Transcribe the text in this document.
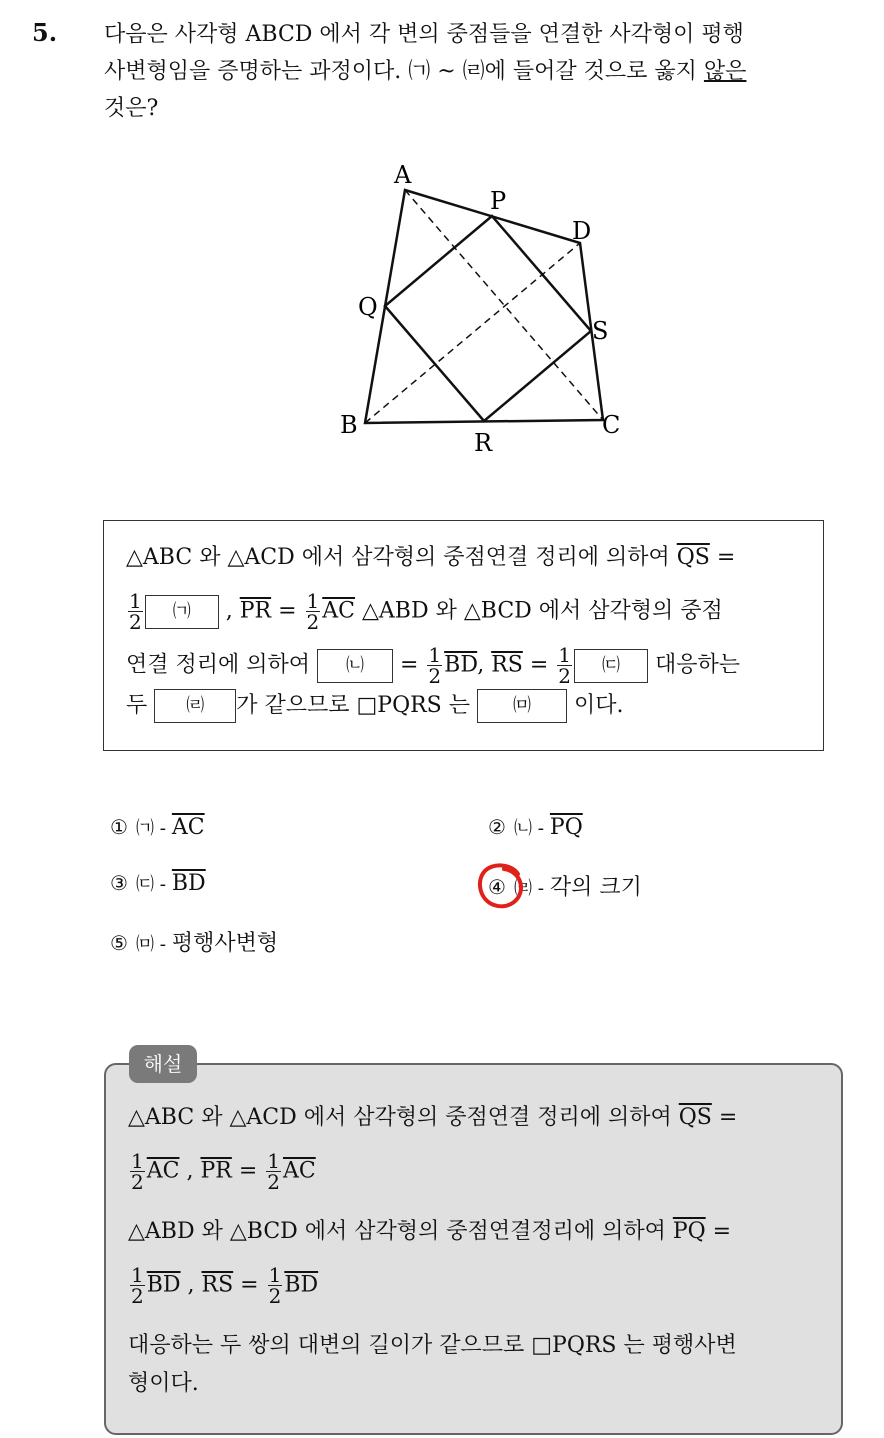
5. 다음은 사각형 ABCD 에서 각 변의 중점들을 연결한 사각형이 평행
사변형임을 증명하는 과정이다. ㈀ ~ ㈃에 들어갈 것으로 옳지 않은
것은?
A
P
D
Q
S
B
R
C
△ABC 와 △ACD 에서 삼각형의 중점연결 정리에 의하여 $\overline{QS}$ =
$\frac{1}{2}$ ㈀ , $\overline{PR} = \frac{1}{2} \overline{AC}$ △ABD 와 △BCD 에서 삼각형의 중점
연결 정리에 의하여 ㈁ = $\frac{1}{2} \overline{BD}$, $\overline{RS} = \frac{1}{2}$ ㈂ 대응하는
두 ㈃ 가 같으므로 □PQRS 는 ㈄ 이다.
① ㈀ - $\overline{AC}$	② ㈁ - $\overline{PQ}$
③ ㈂ - $\overline{BD}$	④ ㈃ - 각의 크기
⑤ ㈄ - 평행사변형
△ABC 와 △ACD 에서 삼각형의 중점연결 정리에 의하여 $\overline{QS}$ =
$\frac{1}{2} \overline{AC}$ , $\overline{PR} = \frac{1}{2} \overline{AC}$
△ABD 와 △BCD 에서 삼각형의 중점연결정리에 의하여 $\overline{PQ}$ =
$\frac{1}{2} \overline{BD}$ , $\overline{RS} = \frac{1}{2} \overline{BD}$
대응하는 두 쌍의 대변의 길이가 같으므로 □PQRS 는 평행사변
형이다.
해설
